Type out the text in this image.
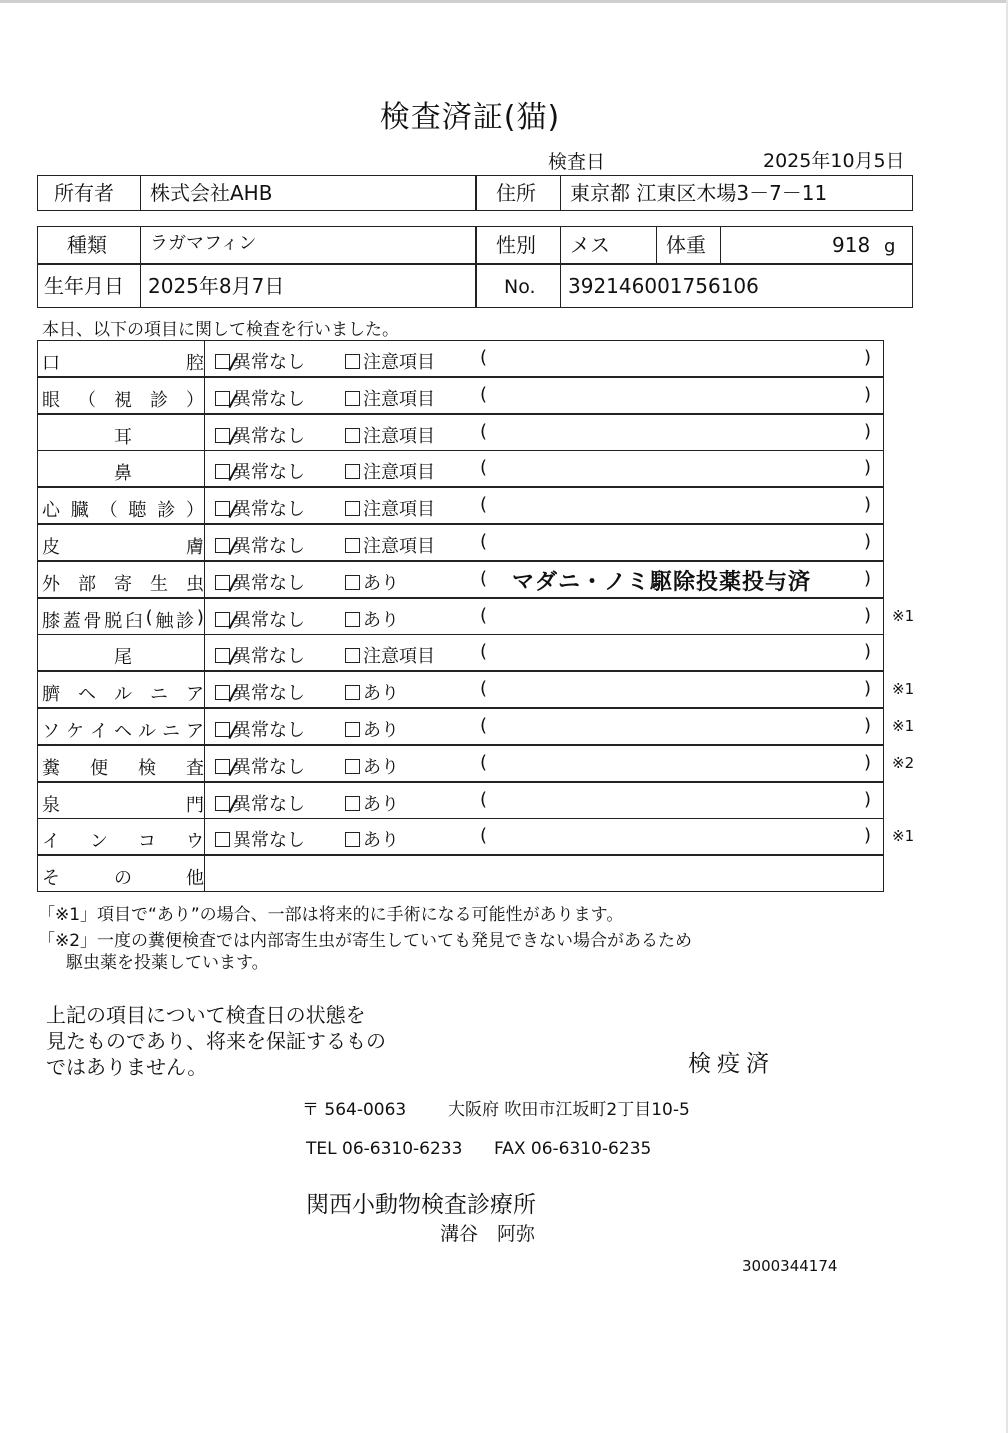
検査済証(猫)
検査日	2025年10月5日
所有者 株式会社AHB	住所 東京都 江東区木場3－7－11
種類 ラガマフィン	性別 メス	体重	918 g
生年月日 2025年8月7日	No. 392146001756106
本日、以下の項目に関して検査を行いました。
口	腔	異常なし	注意項目	(	)
眼 （ 視 診 ）	異常なし	注意項目	(	)
耳	異常なし	注意項目	(	)
鼻	異常なし	注意項目	(	)
心 臓 （ 聴 診 ）	異常なし	注意項目	(	)
皮	膚	異常なし	注意項目	(	)
外 部 寄 生 虫	異常なし	あり	( マダニ・ノミ駆除投薬投与済	)
膝 蓋 骨 脱 臼 ( 触 診 )	異常なし	あり	(	) ※1
尾	異常なし	注意項目	(	)
臍 ヘ ル ニ ア	異常なし	あり	(	) ※1
ソ ケ イ ヘ ル ニ ア	異常なし	あり	(	) ※1
糞 便 検 査	異常なし	あり	(	) ※2
泉	門	異常なし	あり	(	)
イ ン コ ウ	異常なし	あり	(	) ※1
そ	の	他
「※1」項目で“あり”の場合、一部は将来的に手術になる可能性があります。
「※2」一度の糞便検査では内部寄生虫が寄生していても発見できない場合があるため
駆虫薬を投薬しています。
上記の項目について検査日の状態を
見たものであり、将来を保証するもの
ではありません。	検疫済
〒 564-0063 大阪府 吹田市江坂町2丁目10-5
TEL 06-6310-6233 FAX 06-6310-6235
関西小動物検査診療所
溝谷　阿弥
3000344174
